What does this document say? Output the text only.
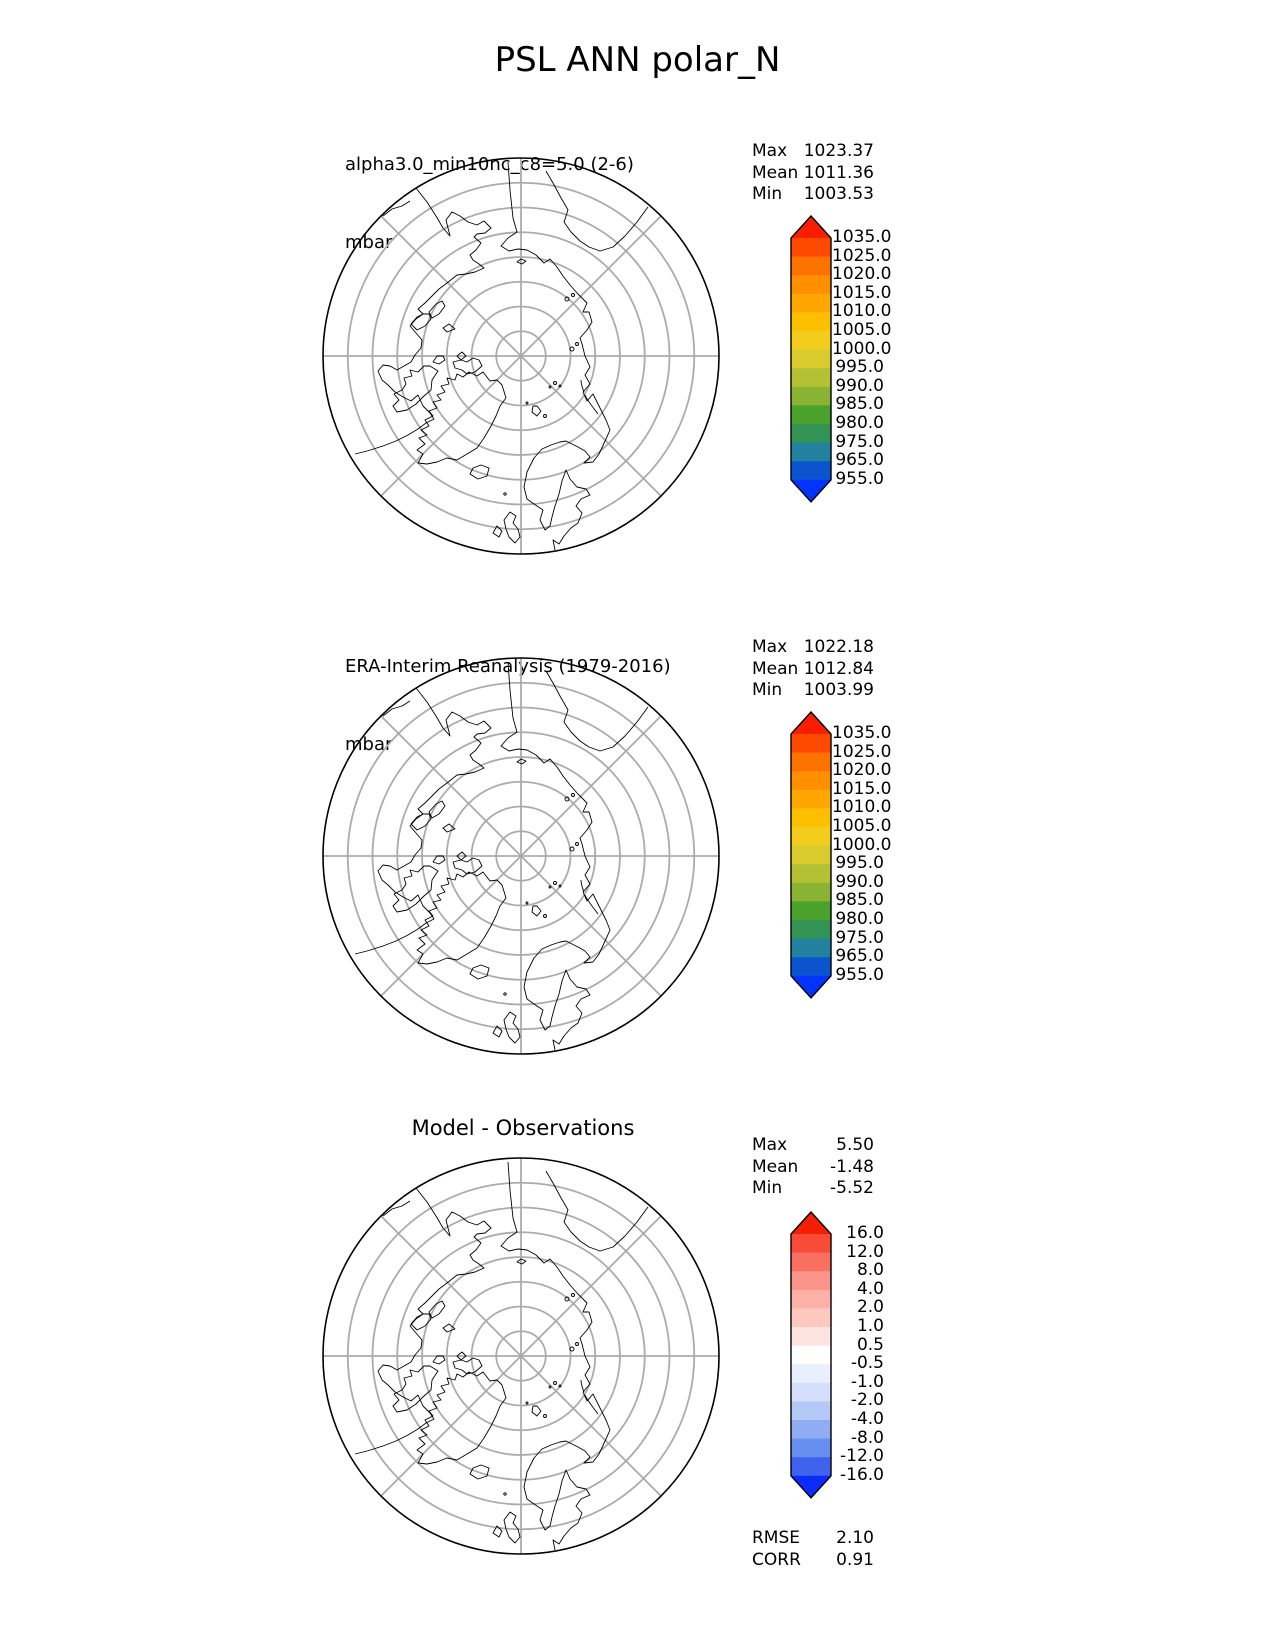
PSL ANN polar_N

alpha3.0_min10nc_c8=5.0 (2-6)

mbar

Max 1023.37
Mean 1011.36
Min	1003.53
1035.0
1025.0
1020.0
1015.0
1010.0
1005.0
1000.0
995.0
990.0
985.0
980.0
975.0
965.0
955.0

ERA-Interim Reanalysis (1979-2016)

mbar

Max 1022.18
Mean 1012.84
Min	1003.99
1035.0
1025.0
1020.0
1015.0
1010.0
1005.0
1000.0
995.0
990.0
985.0
980.0
975.0
965.0
955.0
Model - Observations
Max	5.50
Mean	-1.48
Min	-5.52
16.0
12.0
8.0
4.0
2.0
1.0
0.5
-0.5
-1.0
-2.0
-4.0
-8.0
-12.0
-16.0
RMSE	2.10
CORR	0.91
